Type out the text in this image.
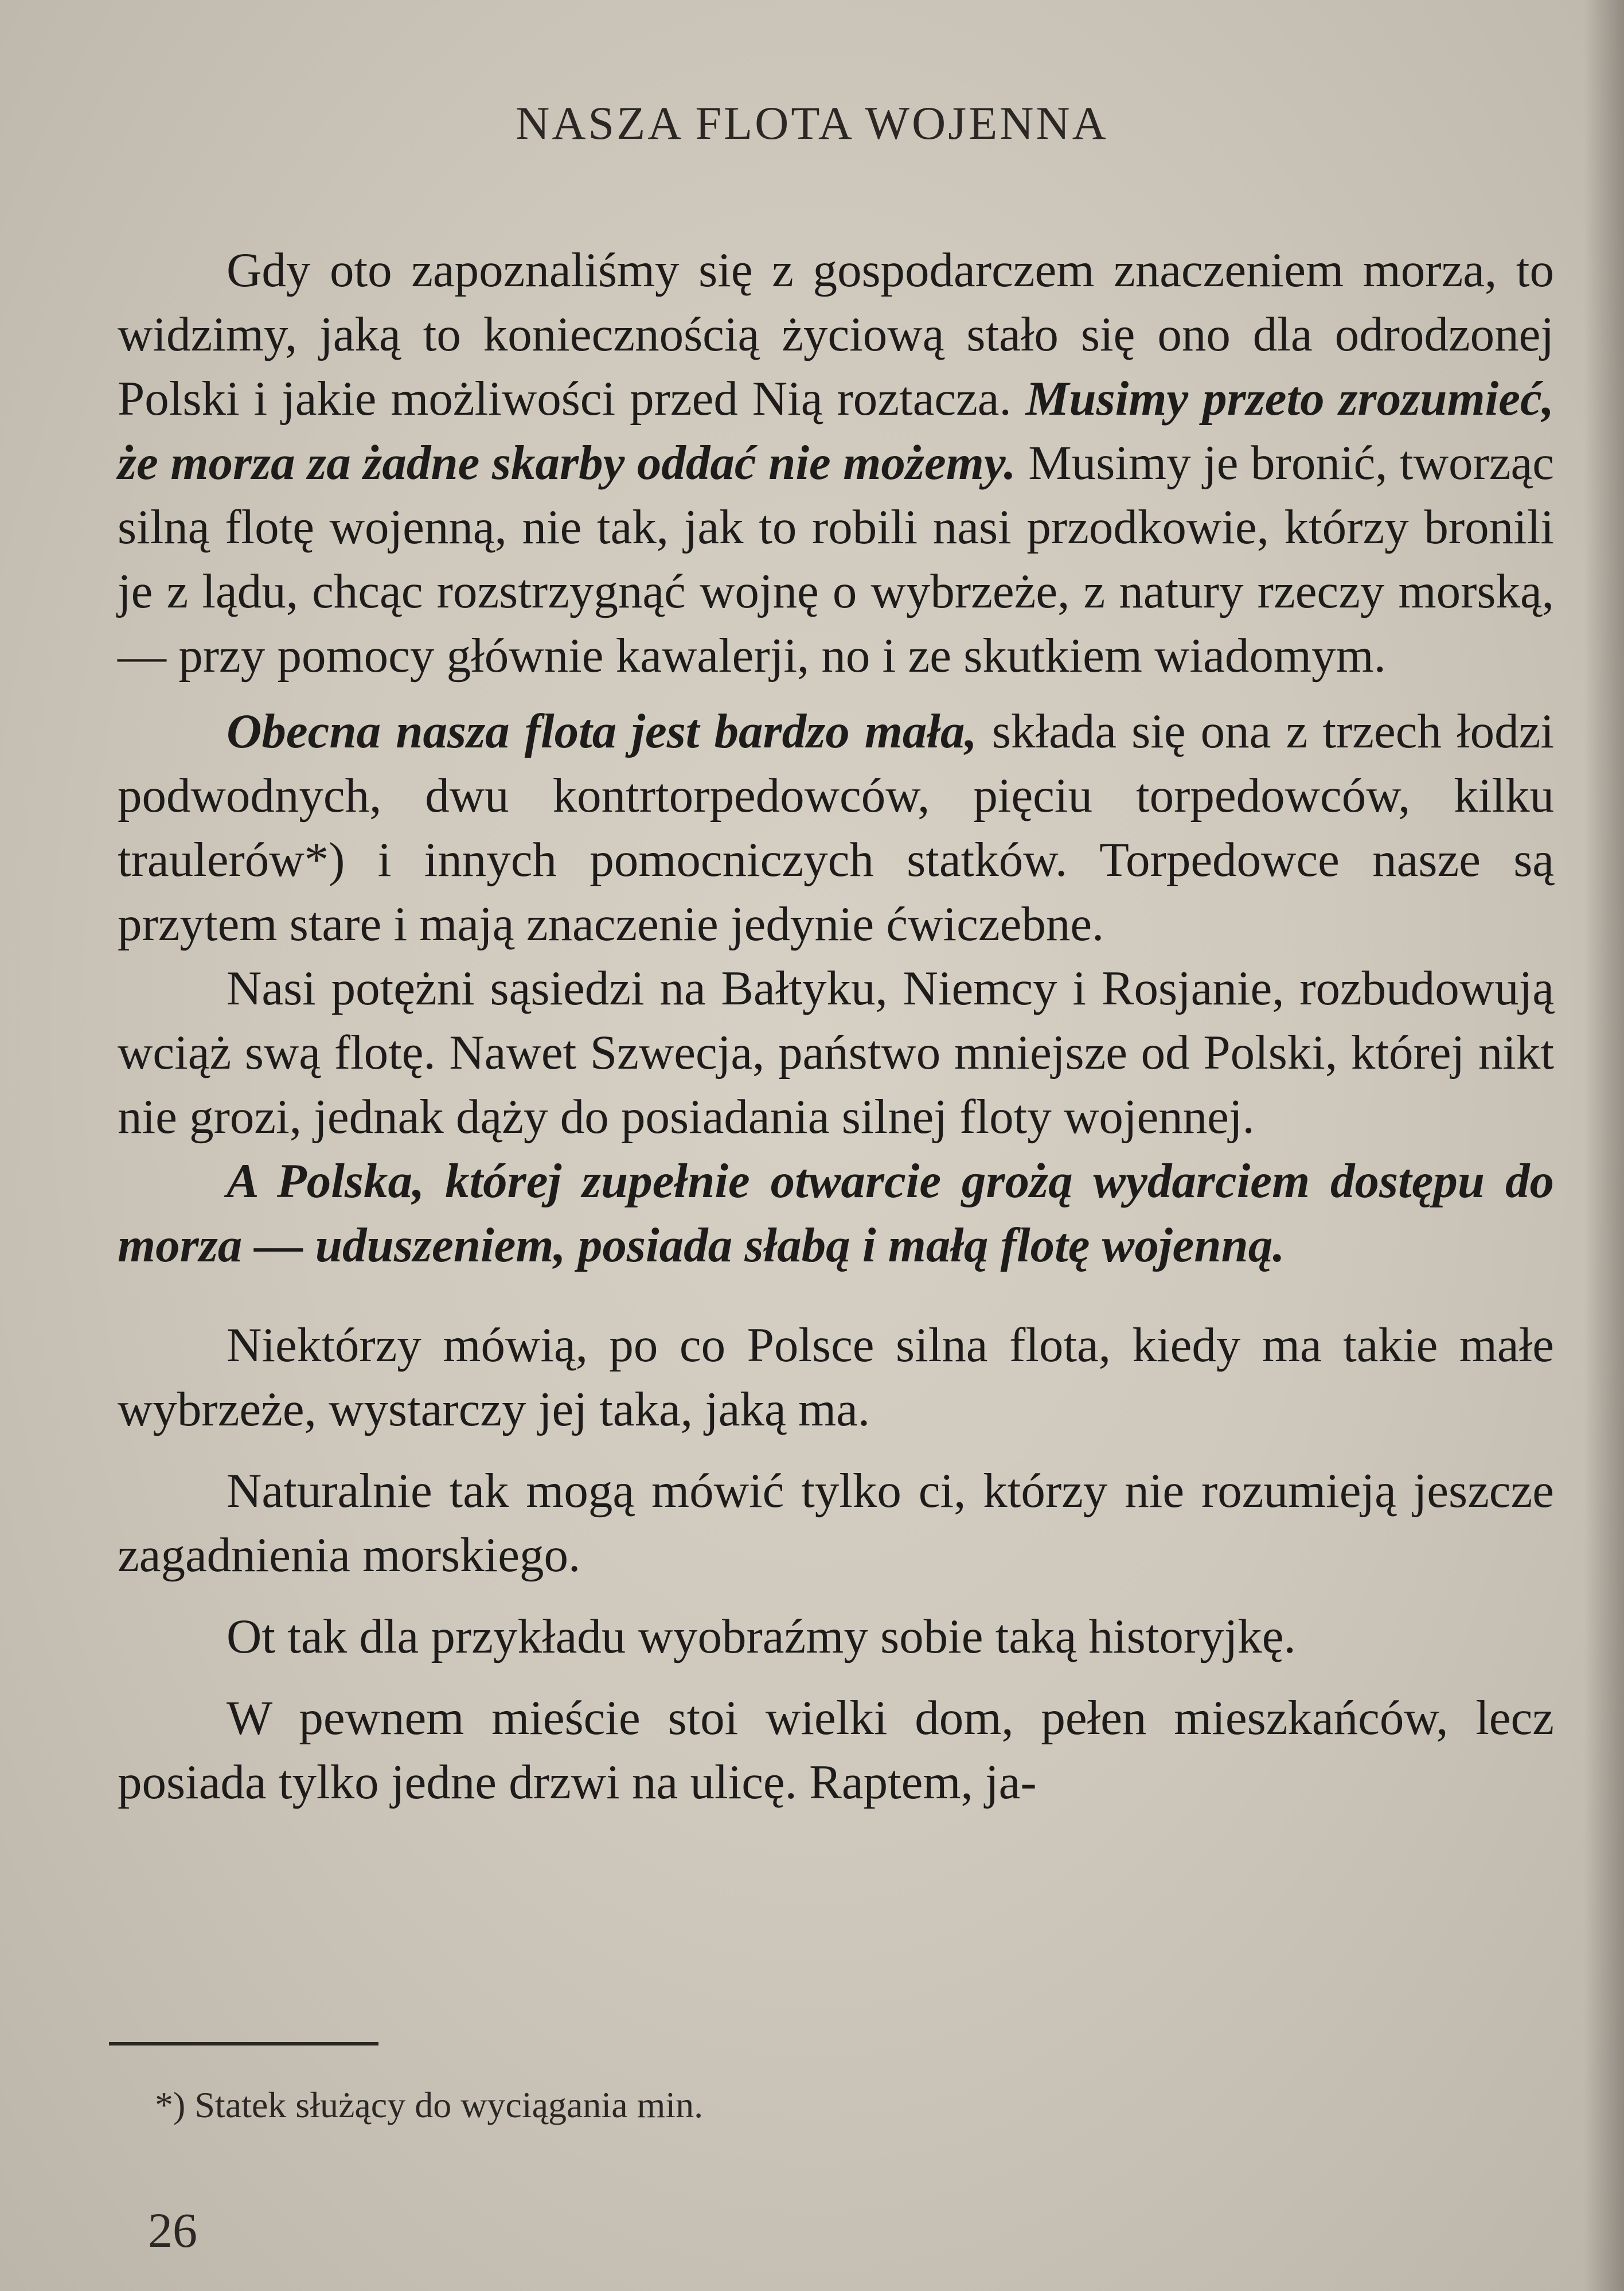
NASZA FLOTA WOJENNA

Gdy oto zapoznaliśmy się z gospodarczem znaczeniem morza, to widzimy, jaką to koniecznością życiową stało się ono dla odrodzonej Polski i jakie możliwości przed Nią roztacza. Musimy przeto zrozumieć, że morza za żadne skarby oddać nie możemy. Musimy je bronić, tworząc silną flotę wojenną, nie tak, jak to robili nasi przodkowie, którzy bronili je z lądu, chcąc rozstrzygnąć wojnę o wybrzeże, z natury rzeczy morską, — przy pomocy głównie kawalerji, no i ze skutkiem wiadomym.

Obecna nasza flota jest bardzo mała, składa się ona z trzech łodzi podwodnych, dwu kontrtorpedowców, pięciu torpedowców, kilku traulerów*) i innych pomocniczych statków. Torpedowce nasze są przytem stare i mają znaczenie jedynie ćwiczebne.

Nasi potężni sąsiedzi na Bałtyku, Niemcy i Rosjanie, rozbudowują wciąż swą flotę. Nawet Szwecja, państwo mniejsze od Polski, której nikt nie grozi, jednak dąży do posiadania silnej floty wojennej.

A Polska, której zupełnie otwarcie grożą wydarciem dostępu do morza — uduszeniem, posiada słabą i małą flotę wojenną.

Niektórzy mówią, po co Polsce silna flota, kiedy ma takie małe wybrzeże, wystarczy jej taka, jaką ma.

Naturalnie tak mogą mówić tylko ci, którzy nie rozumieją jeszcze zagadnienia morskiego.

Ot tak dla przykładu wyobraźmy sobie taką historyjkę.

W pewnem mieście stoi wielki dom, pełen mieszkańców, lecz posiada tylko jedne drzwi na ulicę. Raptem, ja-

*) Statek służący do wyciągania min.
26
